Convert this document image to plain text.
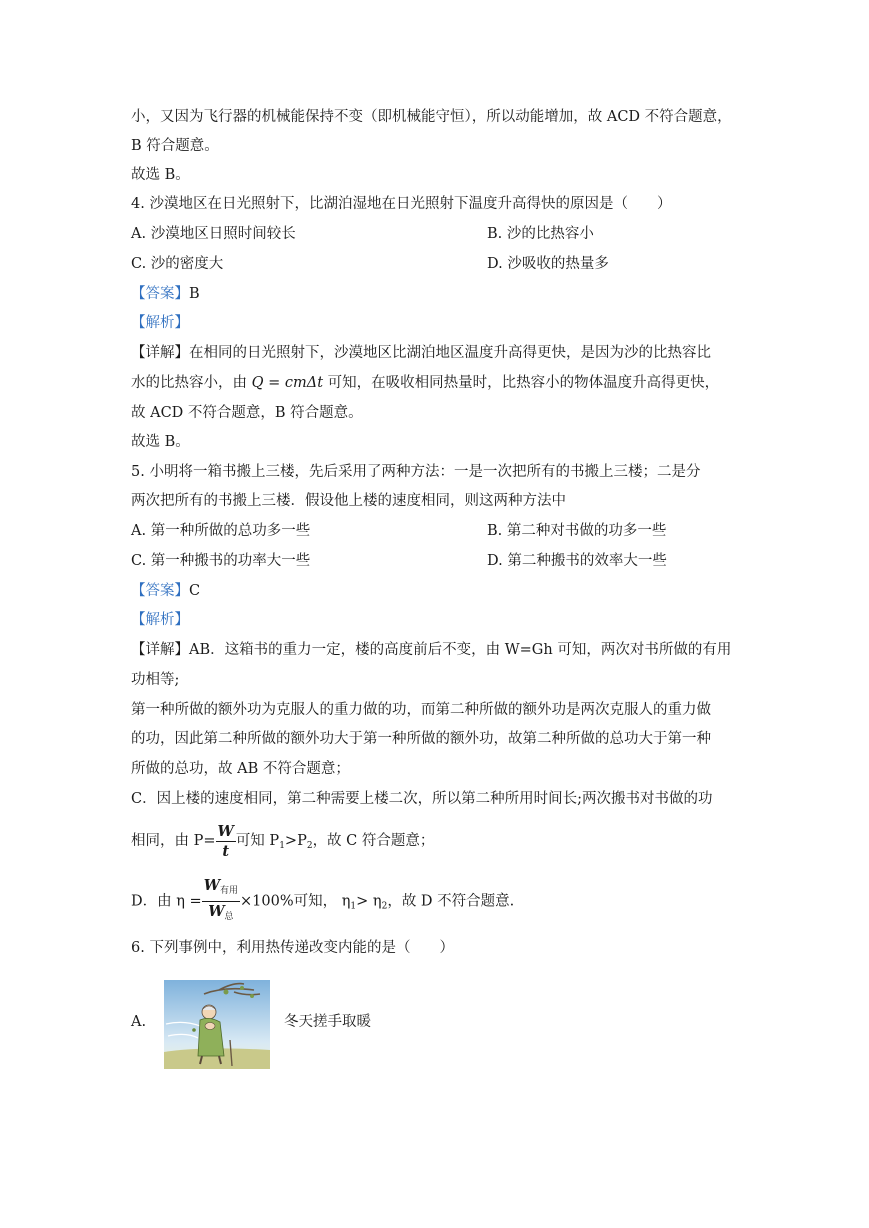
小，又因为飞行器的机械能保持不变（即机械能守恒），所以动能增加，故 ACD 不符合题意，
B 符合题意。
故选 B。
4. 沙漠地区在日光照射下，比湖泊湿地在日光照射下温度升高得快的原因是（　　）
A. 沙漠地区日照时间较长	B. 沙的比热容小
C. 沙的密度大	D. 沙吸收的热量多
【答案】B
【解析】
【详解】在相同的日光照射下，沙漠地区比湖泊地区温度升高得更快，是因为沙的比热容比
水的比热容小，由 Q = cmΔt 可知，在吸收相同热量时，比热容小的物体温度升高得更快，
故 ACD 不符合题意，B 符合题意。
故选 B。
5. 小明将一箱书搬上三楼，先后采用了两种方法：一是一次把所有的书搬上三楼；二是分
两次把所有的书搬上三楼．假设他上楼的速度相同，则这两种方法中
A. 第一种所做的总功多一些	B. 第二种对书做的功多一些
C. 第一种搬书的功率大一些	D. 第二种搬书的效率大一些
【答案】C
【解析】
【详解】AB．这箱书的重力一定，楼的高度前后不变，由 W=Gh 可知，两次对书所做的有用
功相等;
第一种所做的额外功为克服人的重力做的功，而第二种所做的额外功是两次克服人的重力做
的功，因此第二种所做的额外功大于第一种所做的额外功，故第二种所做的总功大于第一种
所做的总功，故 AB 不符合题意；
C．因上楼的速度相同，第二种需要上楼二次，所以第二种所用时间长;两次搬书对书做的功
相同，由 $P= \frac{W}{t}$ 可知 $P_1>P_2$，故 C 符合题意；
D．由 $\eta = \frac{W_{有用}}{W_总} \times 100\%$可知， $\eta_1> \eta_2$，故 D 不符合题意.
6. 下列事例中，利用热传递改变内能的是（　　）
A.	冬天搓手取暖
